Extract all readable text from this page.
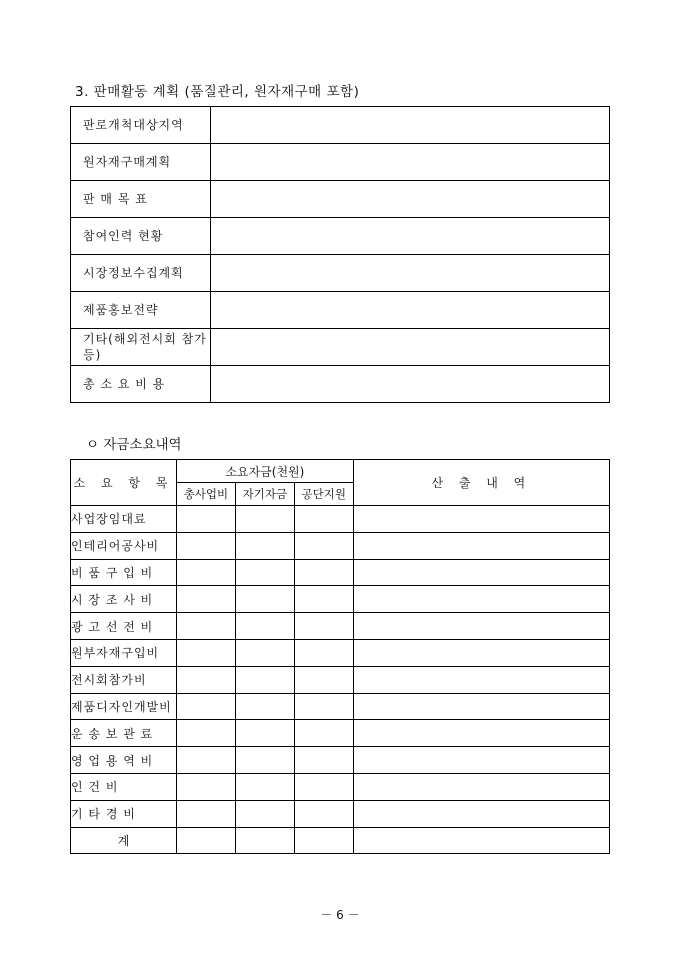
3. 판매활동 계획 (품질관리, 원자재구매 포함)
판로개척대상지역	
원자재구매계획	
판 매 목 표	
참여인력 현황	
시장정보수집계획	
제품홍보전략	
기타(해외전시회 참가 등)	
총 소 요 비 용	
ㅇ 자금소요내역
소 요 항 목	소요자금(천원)			산 출 내 역
	총사업비	자기자금	공단지원	
사업장임대료				
인테리어공사비				
비 품 구 입 비				
시 장 조 사 비				
광 고 선 전 비				
원부자재구입비				
전시회참가비				
제품디자인개발비				
운 송 보 관 료				
영 업 용 역 비				
인 건 비				
기 타 경 비				
계				
－ 6 －
